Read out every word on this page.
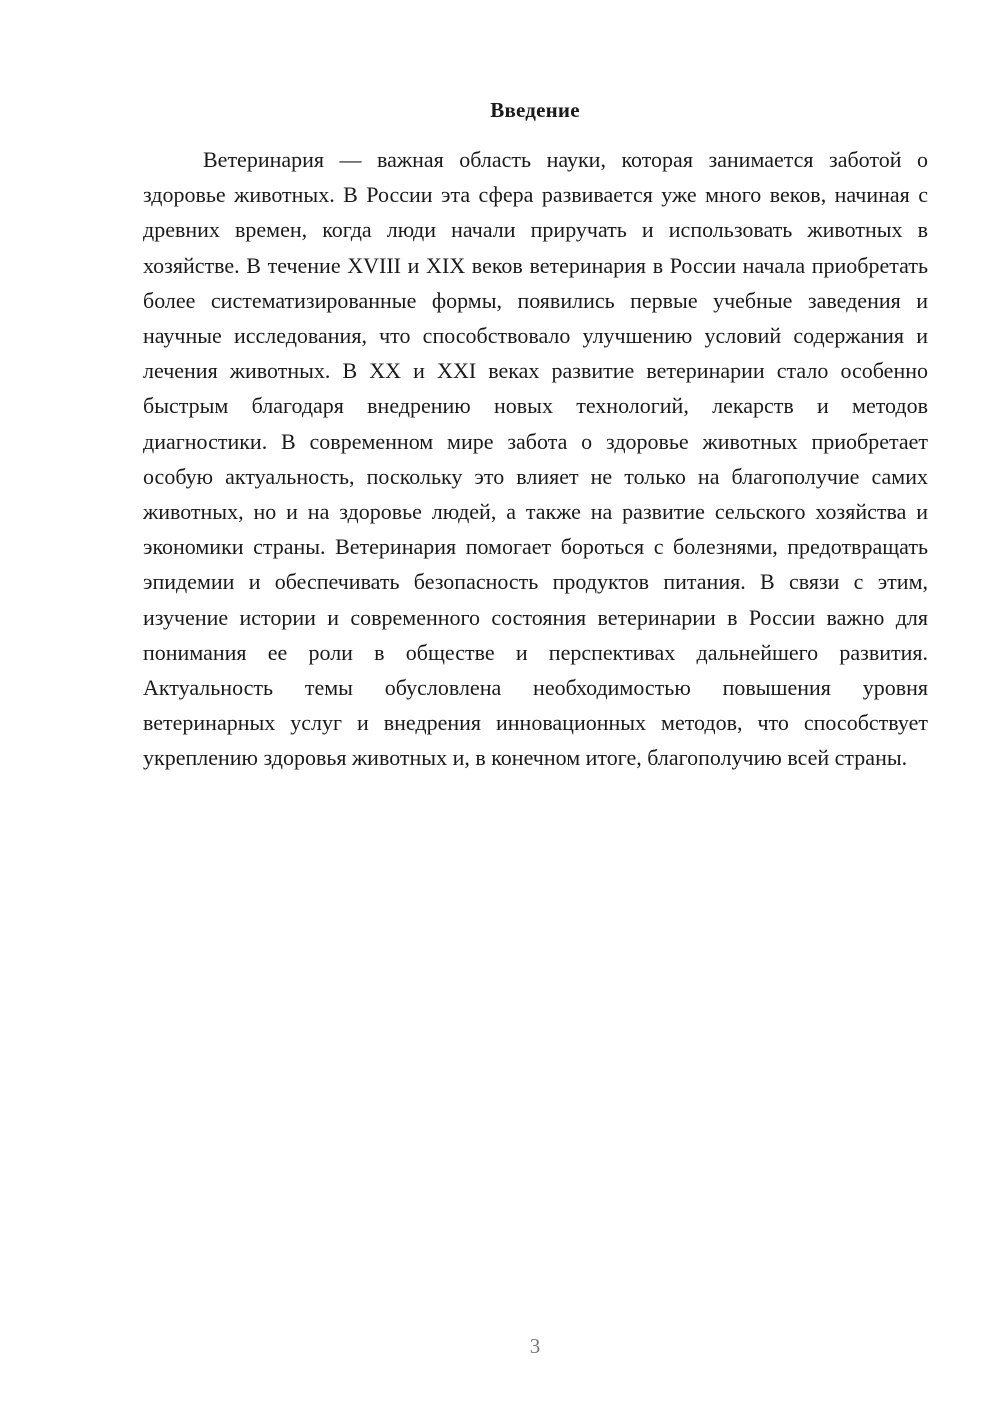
Введение

Ветеринария — важная область науки, которая занимается заботой о здоровье животных. В России эта сфера развивается уже много веков, начиная с древних времен, когда люди начали приручать и использовать животных в хозяйстве. В течение XVIII и XIX веков ветеринария в России начала приобретать более систематизированные формы, появились первые учебные заведения и научные исследования, что способствовало улучшению условий содержания и лечения животных. В XX и XXI веках развитие ветеринарии стало особенно быстрым благодаря внедрению новых технологий, лекарств и методов диагностики. В современном мире забота о здоровье животных приобретает особую актуальность, поскольку это влияет не только на благополучие самих животных, но и на здоровье людей, а также на развитие сельского хозяйства и экономики страны. Ветеринария помогает бороться с болезнями, предотвращать эпидемии и обеспечивать безопасность продуктов питания. В связи с этим, изучение истории и современного состояния ветеринарии в России важно для понимания ее роли в обществе и перспективах дальнейшего развития. Актуальность темы обусловлена необходимостью повышения уровня ветеринарных услуг и внедрения инновационных методов, что способствует укреплению здоровья животных и, в конечном итоге, благополучию всей страны.

3
